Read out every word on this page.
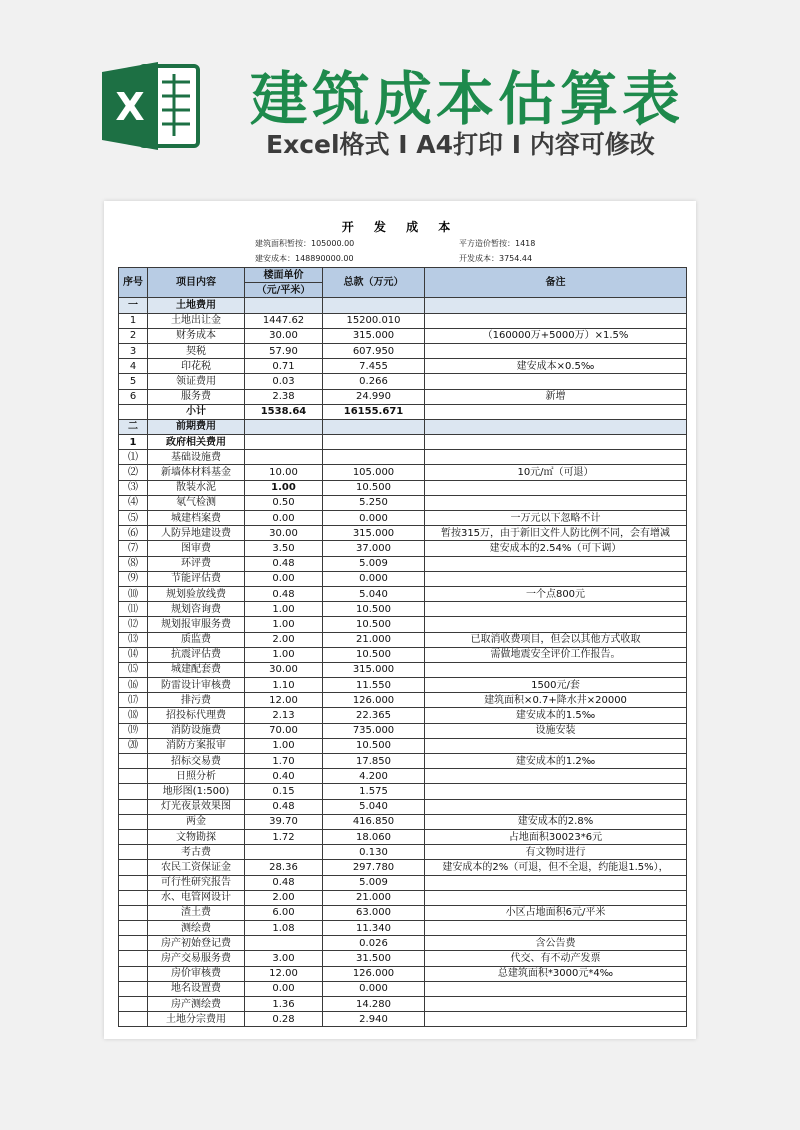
X 建筑成本估算表
Excel格式 I A4打印 I 内容可修改
开 发 成 本
建筑面积暂按：105000.00
建安成本：148890000.00
平方造价暂按：1418
开发成本：3754.44
序号	项目内容	楼面单价	总款（万元）	备注
		（元/平米）		
一	土地费用			
1	土地出让金	1447.62	15200.010	
2	财务成本	30.00	315.000	（160000万+5000万）×1.5%
3	契税	57.90	607.950	
4	印花税	0.71	7.455	建安成本×0.5‰
5	领证费用	0.03	0.266	
6	服务费	2.38	24.990	新增
	小计	1538.64	16155.671	
二	前期费用			
1	政府相关费用			
⑴	基础设施费			
⑵	新墙体材料基金	10.00	105.000	10元/㎡（可退）
⑶	散装水泥	1.00	10.500	
⑷	氡气检测	0.50	5.250	
⑸	城建档案费	0.00	0.000	一万元以下忽略不计
⑹	人防异地建设费	30.00	315.000	暂按315万，由于新旧文件人防比例不同，会有增减
⑺	图审费	3.50	37.000	建安成本的2.54%（可下调）
⑻	环评费	0.48	5.009	
⑼	节能评估费	0.00	0.000	
⑽	规划验放线费	0.48	5.040	一个点800元
⑾	规划咨询费	1.00	10.500	
⑿	规划报审服务费	1.00	10.500	
⒀	质监费	2.00	21.000	已取消收费项目，但会以其他方式收取
⒁	抗震评估费	1.00	10.500	需做地震安全评价工作报告。
⒂	城建配套费	30.00	315.000	
⒃	防雷设计审核费	1.10	11.550	1500元/套
⒄	排污费	12.00	126.000	建筑面积×0.7+降水井×20000
⒅	招投标代理费	2.13	22.365	建安成本的1.5‰
⒆	消防设施费	70.00	735.000	设施安装
⒇	消防方案报审	1.00	10.500	
	招标交易费	1.70	17.850	建安成本的1.2‰
	日照分析	0.40	4.200	
	地形图(1:500)	0.15	1.575	
	灯光夜景效果图	0.48	5.040	
	两金	39.70	416.850	建安成本的2.8%
	文物勘探	1.72	18.060	占地面积30023*6元
	考古费		0.130	有文物时进行
	农民工资保证金	28.36	297.780	建安成本的2%（可退，但不全退，约能退1.5%），
	可行性研究报告	0.48	5.009	
	水、电管网设计	2.00	21.000	
	渣土费	6.00	63.000	小区占地面积6元/平米
	测绘费	1.08	11.340	
	房产初始登记费		0.026	含公告费
	房产交易服务费	3.00	31.500	代交、有不动产发票
	房价审核费	12.00	126.000	总建筑面积*3000元*4‰
	地名设置费	0.00	0.000	
	房产测绘费	1.36	14.280	
	土地分宗费用	0.28	2.940	
